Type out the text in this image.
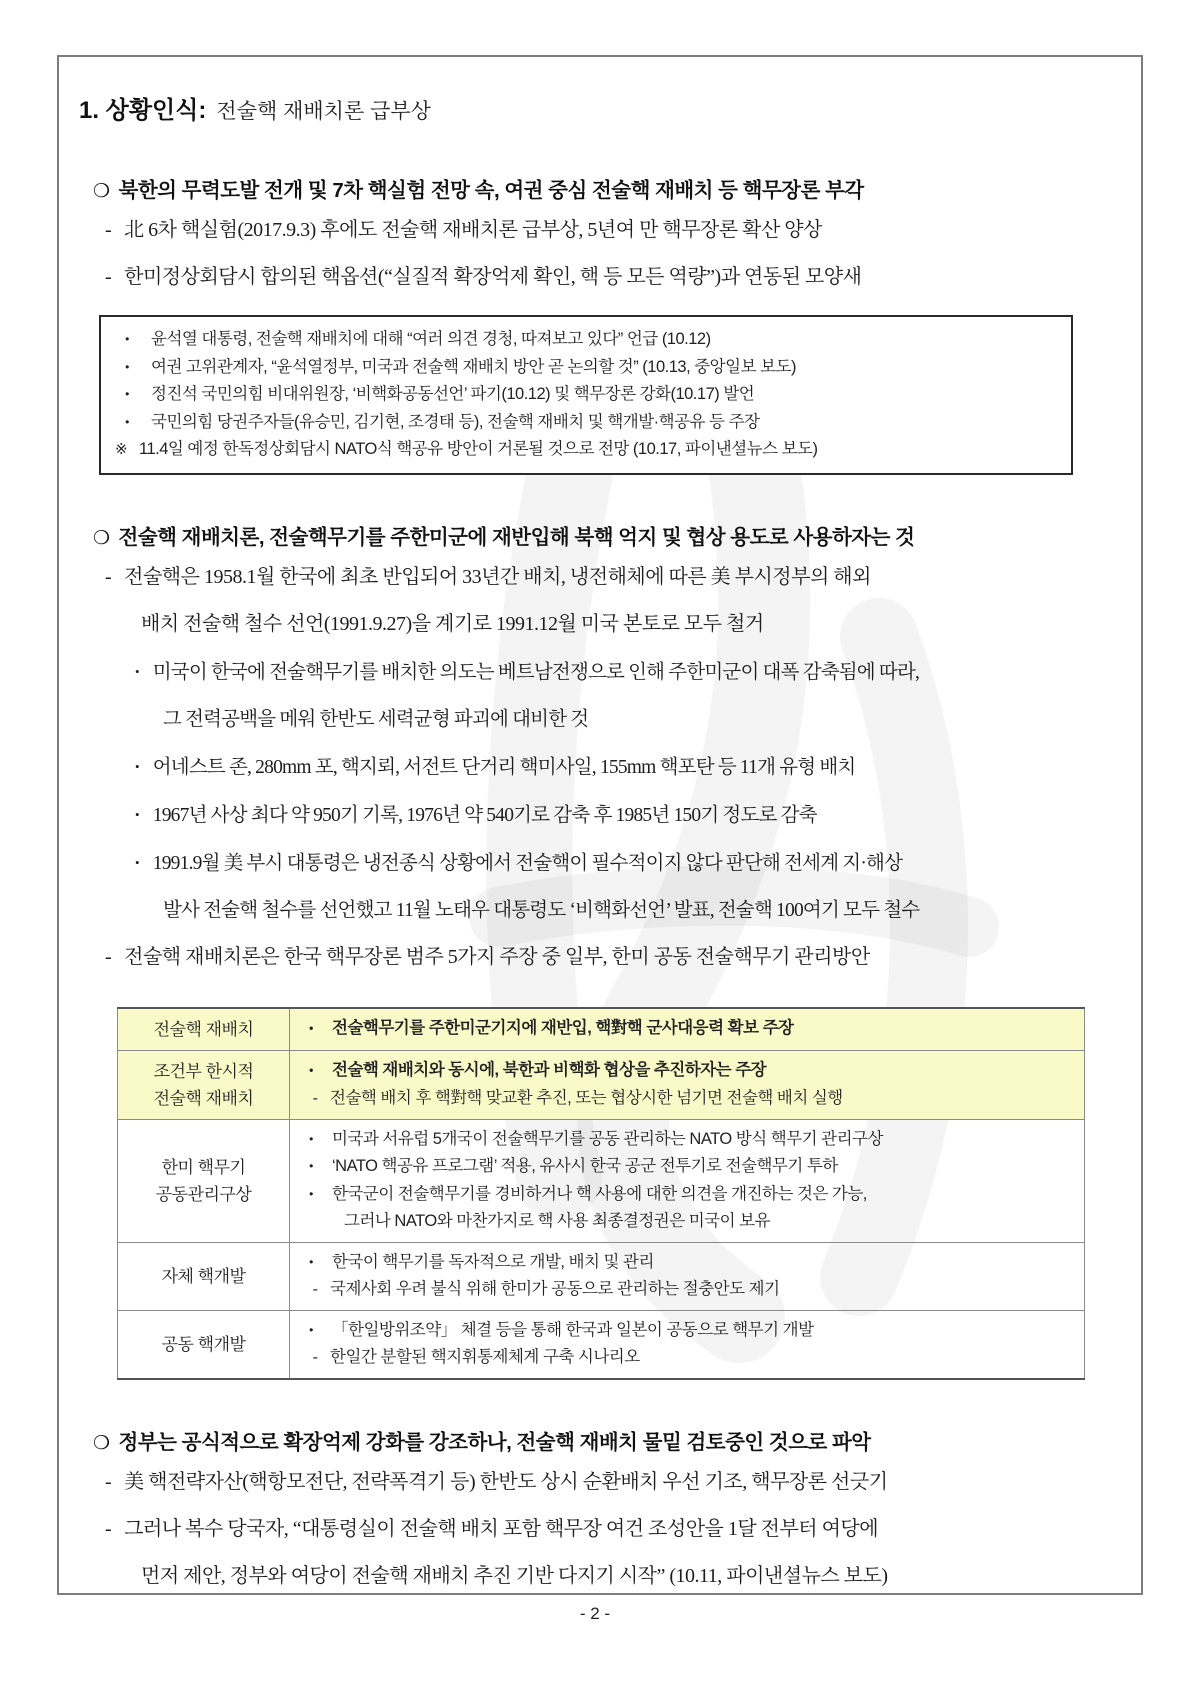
1. 상황인식: 전술핵 재배치론 급부상
❍ 북한의 무력도발 전개 및 7차 핵실험 전망 속, 여권 중심 전술핵 재배치 등 핵무장론 부각
- 北 6차 핵실험(2017.9.3) 후에도 전술핵 재배치론 급부상, 5년여 만 핵무장론 확산 양상
- 한미정상회담시 합의된 핵옵션(“실질적 확장억제 확인, 핵 등 모든 역량”)과 연동된 모양새
• 윤석열 대통령, 전술핵 재배치에 대해 “여러 의견 경청, 따져보고 있다” 언급 (10.12)
• 여권 고위관계자, “윤석열정부, 미국과 전술핵 재배치 방안 곧 논의할 것” (10.13, 중앙일보 보도)
• 정진석 국민의힘 비대위원장, ‘비핵화공동선언’ 파기(10.12) 및 핵무장론 강화(10.17) 발언
• 국민의힘 당권주자들(유승민, 김기현, 조경태 등), 전술핵 재배치 및 핵개발·핵공유 등 주장
※ 11.4일 예정 한독정상회담시 NATO식 핵공유 방안이 거론될 것으로 전망 (10.17, 파이낸셜뉴스 보도)
❍ 전술핵 재배치론, 전술핵무기를 주한미군에 재반입해 북핵 억지 및 협상 용도로 사용하자는 것
- 전술핵은 1958.1월 한국에 최초 반입되어 33년간 배치, 냉전해체에 따른 美 부시정부의 해외
배치 전술핵 철수 선언(1991.9.27)을 계기로 1991.12월 미국 본토로 모두 철거
• 미국이 한국에 전술핵무기를 배치한 의도는 베트남전쟁으로 인해 주한미군이 대폭 감축됨에 따라,
그 전력공백을 메워 한반도 세력균형 파괴에 대비한 것
• 어네스트 존, 280mm 포, 핵지뢰, 서전트 단거리 핵미사일, 155mm 핵포탄 등 11개 유형 배치
• 1967년 사상 최다 약 950기 기록, 1976년 약 540기로 감축 후 1985년 150기 정도로 감축
• 1991.9월 美 부시 대통령은 냉전종식 상황에서 전술핵이 필수적이지 않다 판단해 전세계 지·해상
발사 전술핵 철수를 선언했고 11월 노태우 대통령도 ‘비핵화선언’ 발표, 전술핵 100여기 모두 철수
- 전술핵 재배치론은 한국 핵무장론 범주 5가지 주장 중 일부, 한미 공동 전술핵무기 관리방안
전술핵 재배치	• 전술핵무기를 주한미군기지에 재반입, 핵對핵 군사대응력 확보 주장

조건부 한시적
전술핵 재배치	• 전술핵 재배치와 동시에, 북한과 비핵화 협상을 추진하자는 주장
- 전술핵 배치 후 핵對핵 맞교환 추진, 또는 협상시한 넘기면 전술핵 배치 실행

한미 핵무기
공동관리구상	• 미국과 서유럽 5개국이 전술핵무기를 공동 관리하는 NATO 방식 핵무기 관리구상
• ‘NATO 핵공유 프로그램’ 적용, 유사시 한국 공군 전투기로 전술핵무기 투하
• 한국군이 전술핵무기를 경비하거나 핵 사용에 대한 의견을 개진하는 것은 가능,
그러나 NATO와 마찬가지로 핵 사용 최종결정권은 미국이 보유

자체 핵개발	• 한국이 핵무기를 독자적으로 개발, 배치 및 관리
- 국제사회 우려 불식 위해 한미가 공동으로 관리하는 절충안도 제기

공동 핵개발	• 「한일방위조약」 체결 등을 통해 한국과 일본이 공동으로 핵무기 개발
- 한일간 분할된 핵지휘통제체계 구축 시나리오
❍ 정부는 공식적으로 확장억제 강화를 강조하나, 전술핵 재배치 물밑 검토중인 것으로 파악
- 美 핵전략자산(핵항모전단, 전략폭격기 등) 한반도 상시 순환배치 우선 기조, 핵무장론 선긋기
- 그러나 복수 당국자, “대통령실이 전술핵 배치 포함 핵무장 여건 조성안을 1달 전부터 여당에
먼저 제안, 정부와 여당이 전술핵 재배치 추진 기반 다지기 시작” (10.11, 파이낸셜뉴스 보도)
- 2 -
